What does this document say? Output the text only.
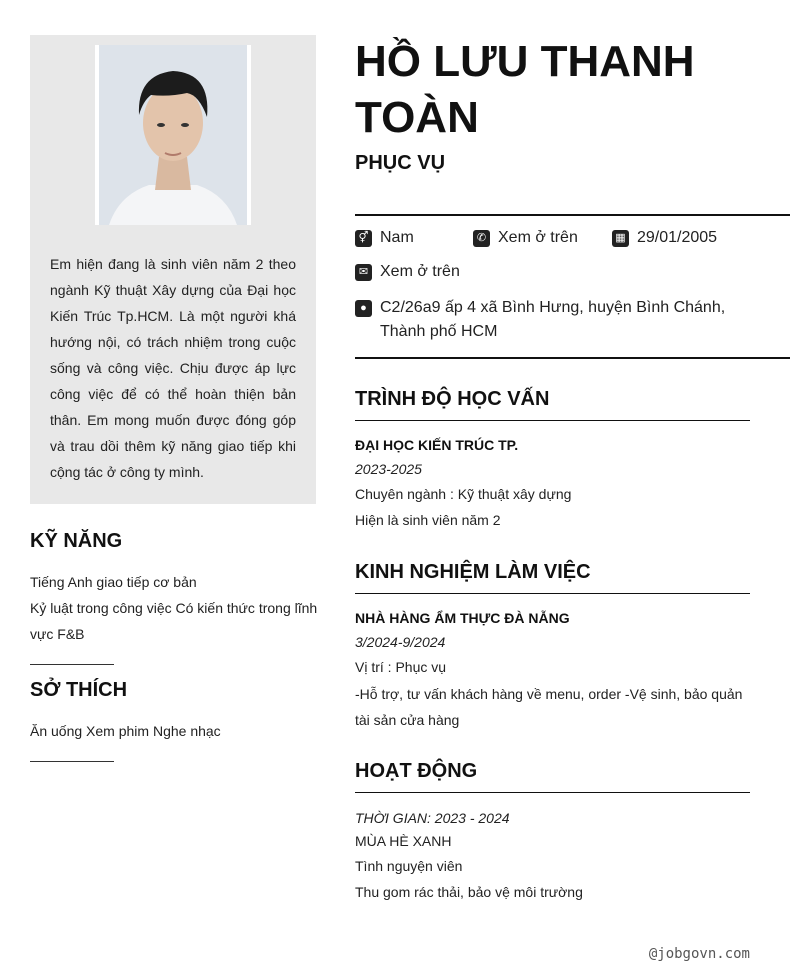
Em hiện đang là sinh viên năm 2 theo ngành Kỹ thuật Xây dựng của Đại học Kiến Trúc Tp.HCM. Là một người khá hướng nội, có trách nhiệm trong cuộc sống và công việc. Chịu được áp lực công việc để có thể hoàn thiện bản thân. Em mong muốn được đóng góp và trau dồi thêm kỹ năng giao tiếp khi cộng tác ở công ty mình.
KỸ NĂNG
Tiếng Anh giao tiếp cơ bản
Kỷ luật trong công việc Có kiến thức trong lĩnh vực F&B
SỞ THÍCH
Ăn uống Xem phim Nghe nhạc
HỒ LƯU THANH TOÀN
PHỤC VỤ
⚥ Nam	✆ Xem ở trên	▦ 29/01/2005
✉ Xem ở trên
● C2/26a9 ấp 4 xã Bình Hưng, huyện Bình Chánh, Thành phố HCM
TRÌNH ĐỘ HỌC VẤN
ĐẠI HỌC KIẾN TRÚC TP.
2023-2025
Chuyên ngành : Kỹ thuật xây dựng
Hiện là sinh viên năm 2
KINH NGHIỆM LÀM VIỆC
NHÀ HÀNG ẨM THỰC ĐÀ NẴNG
3/2024-9/2024
Vị trí : Phục vụ
-Hỗ trợ, tư vấn khách hàng về menu, order -Vệ sinh, bảo quản tài sản cửa hàng
HOẠT ĐỘNG
THỜI GIAN: 2023 - 2024
MÙA HÈ XANH
Tình nguyện viên
Thu gom rác thải, bảo vệ môi trường
@jobgovn.com
